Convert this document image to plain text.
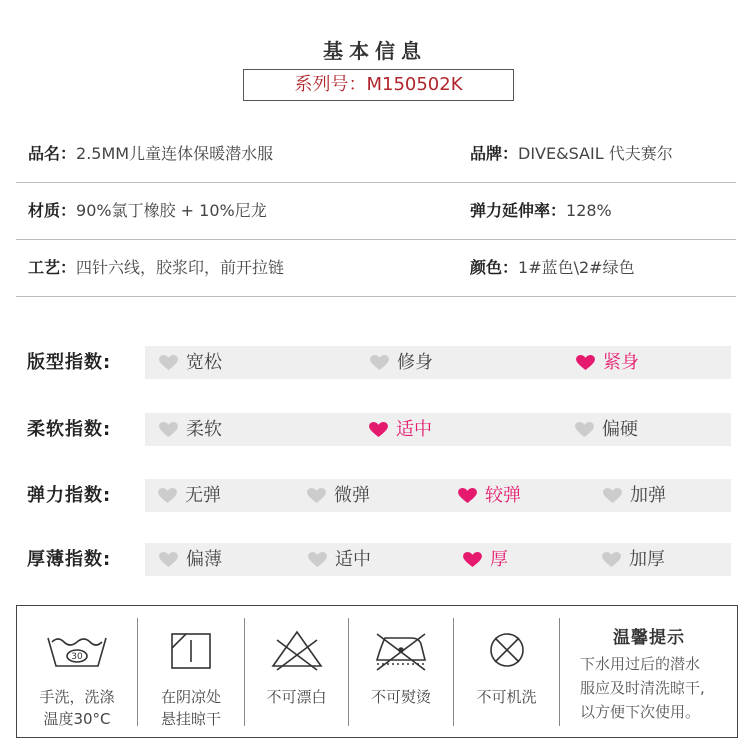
基本信息
系列号：M150502K
品名：2.5MM儿童连体保暖潜水服	品牌：DIVE&SAIL 代夫赛尔
材质：90%氯丁橡胶 + 10%尼龙	弹力延伸率：128%
工艺：四针六线，胶浆印，前开拉链	颜色：1#蓝色\2#绿色
版型指数:	宽松	修身	紧身
柔软指数:	柔软	适中	偏硬
弹力指数:	无弹	微弹	较弹	加弹
厚薄指数:	偏薄	适中	厚	加厚
30
手洗，洗涤
温度30°C
在阴凉处
悬挂晾干
不可漂白	不可熨烫	不可机洗
温馨提示
下水用过后的潜水
服应及时清洗晾干,
以方便下次使用。
